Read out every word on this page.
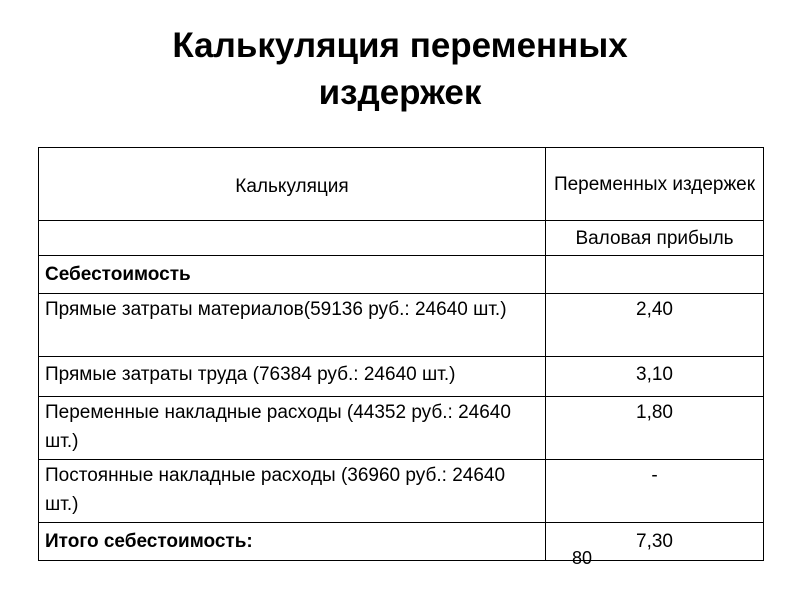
Калькуляция переменных
издержек
Калькуляция	Переменных издержек
	Валовая прибыль
Себестоимость	
Прямые затраты материалов(59136 руб.: 24640 шт.)	2,40
Прямые затраты труда (76384 руб.: 24640 шт.)	3,10
Переменные накладные расходы (44352 руб.: 24640 шт.)	1,80
Постоянные накладные расходы (36960 руб.: 24640 шт.)	-
Итого себестоимость:	7,30
80
